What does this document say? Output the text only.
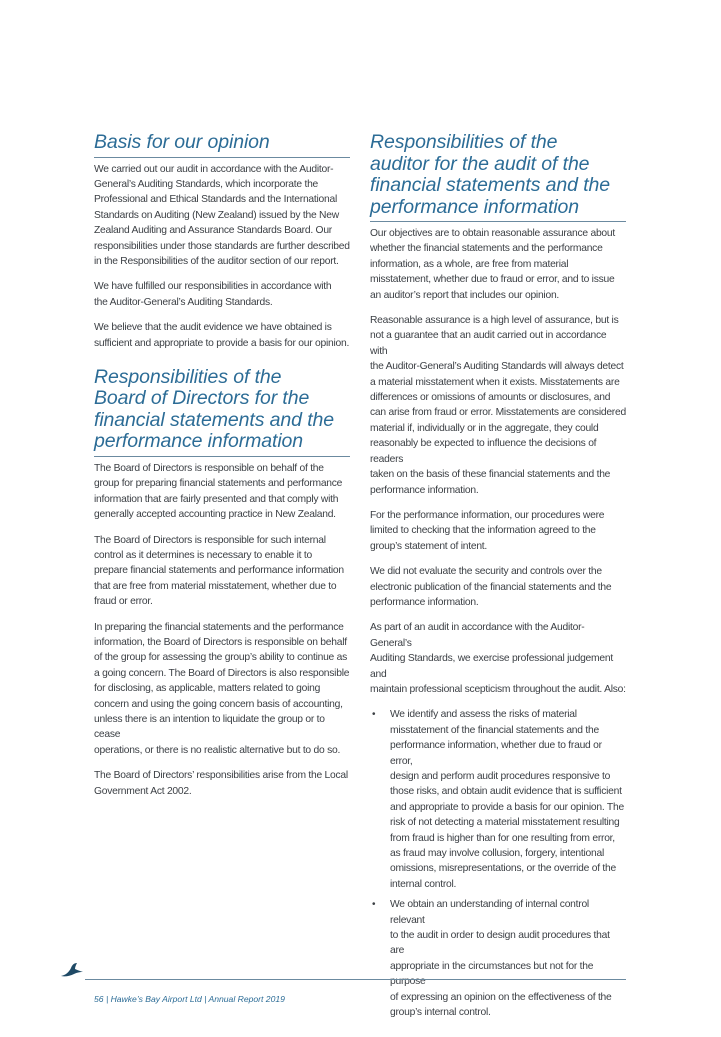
Basis for our opinion

We carried out our audit in accordance with the Auditor-
General’s Auditing Standards, which incorporate the
Professional and Ethical Standards and the International
Standards on Auditing (New Zealand) issued by the New
Zealand Auditing and Assurance Standards Board. Our
responsibilities under those standards are further described
in the Responsibilities of the auditor section of our report.

We have fulfilled our responsibilities in accordance with
the Auditor-General’s Auditing Standards.

We believe that the audit evidence we have obtained is
sufficient and appropriate to provide a basis for our opinion.

Responsibilities of the
Board of Directors for the
financial statements and the
performance information

The Board of Directors is responsible on behalf of the
group for preparing financial statements and performance
information that are fairly presented and that comply with
generally accepted accounting practice in New Zealand.

The Board of Directors is responsible for such internal
control as it determines is necessary to enable it to
prepare financial statements and performance information
that are free from material misstatement, whether due to
fraud or error.

In preparing the financial statements and the performance
information, the Board of Directors is responsible on behalf
of the group for assessing the group’s ability to continue as
a going concern. The Board of Directors is also responsible
for disclosing, as applicable, matters related to going
concern and using the going concern basis of accounting,
unless there is an intention to liquidate the group or to cease
operations, or there is no realistic alternative but to do so.

The Board of Directors’ responsibilities arise from the Local
Government Act 2002.

Responsibilities of the
auditor for the audit of the
financial statements and the
performance information

Our objectives are to obtain reasonable assurance about
whether the financial statements and the performance
information, as a whole, are free from material
misstatement, whether due to fraud or error, and to issue
an auditor’s report that includes our opinion.

Reasonable assurance is a high level of assurance, but is
not a guarantee that an audit carried out in accordance with
the Auditor-General’s Auditing Standards will always detect
a material misstatement when it exists. Misstatements are
differences or omissions of amounts or disclosures, and
can arise from fraud or error. Misstatements are considered
material if, individually or in the aggregate, they could
reasonably be expected to influence the decisions of readers
taken on the basis of these financial statements and the
performance information.

For the performance information, our procedures were
limited to checking that the information agreed to the
group’s statement of intent.

We did not evaluate the security and controls over the
electronic publication of the financial statements and the
performance information.

As part of an audit in accordance with the Auditor-General’s
Auditing Standards, we exercise professional judgement and
maintain professional scepticism throughout the audit. Also:

• We identify and assess the risks of material
misstatement of the financial statements and the
performance information, whether due to fraud or error,
design and perform audit procedures responsive to
those risks, and obtain audit evidence that is sufficient
and appropriate to provide a basis for our opinion. The
risk of not detecting a material misstatement resulting
from fraud is higher than for one resulting from error,
as fraud may involve collusion, forgery, intentional
omissions, misrepresentations, or the override of the
internal control.

• We obtain an understanding of internal control relevant
to the audit in order to design audit procedures that are
appropriate in the circumstances but not for the purpose
of expressing an opinion on the effectiveness of the
group’s internal control.

56 | Hawke’s Bay Airport Ltd | Annual Report 2019
